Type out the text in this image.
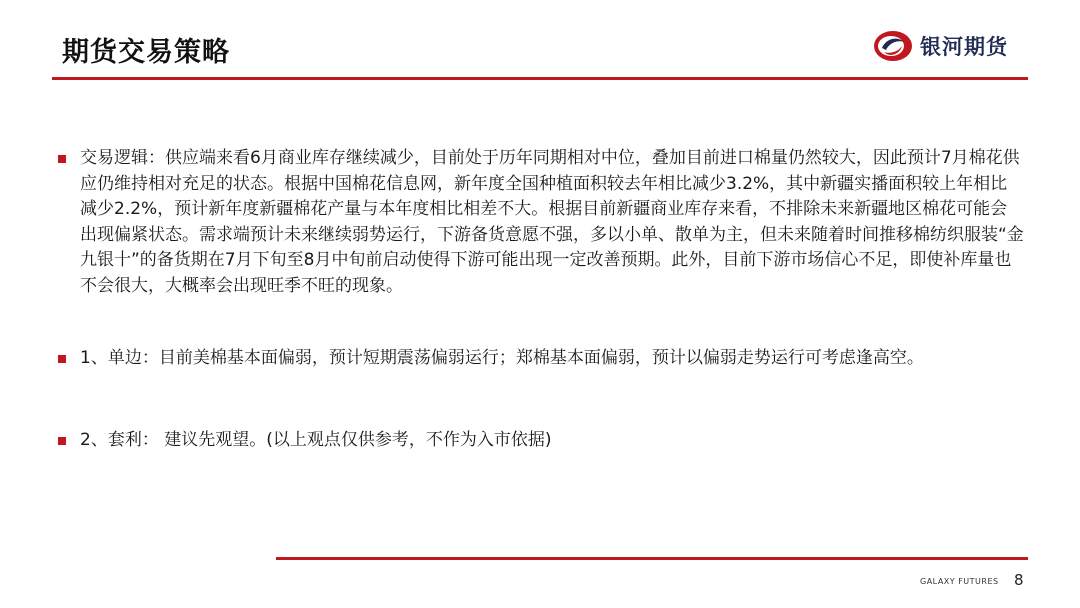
期货交易策略	银河期货
交易逻辑：供应端来看6月商业库存继续减少，目前处于历年同期相对中位，叠加目前进口棉量仍然较大，因此预计7月棉花供应仍维持相对充足的状态。根据中国棉花信息网，新年度全国种植面积较去年相比减少3.2%，其中新疆实播面积较上年相比减少2.2%，预计新年度新疆棉花产量与本年度相比相差不大。根据目前新疆商业库存来看，不排除未来新疆地区棉花可能会出现偏紧状态。需求端预计未来继续弱势运行，下游备货意愿不强，多以小单、散单为主，但未来随着时间推移棉纺织服装“金九银十”的备货期在7月下旬至8月中旬前启动使得下游可能出现一定改善预期。此外，目前下游市场信心不足，即使补库量也不会很大，大概率会出现旺季不旺的现象。
1、单边：目前美棉基本面偏弱，预计短期震荡偏弱运行；郑棉基本面偏弱，预计以偏弱走势运行可考虑逢高空。
2、套利： 建议先观望。(以上观点仅供参考，不作为入市依据)
GALAXY FUTURES 8
